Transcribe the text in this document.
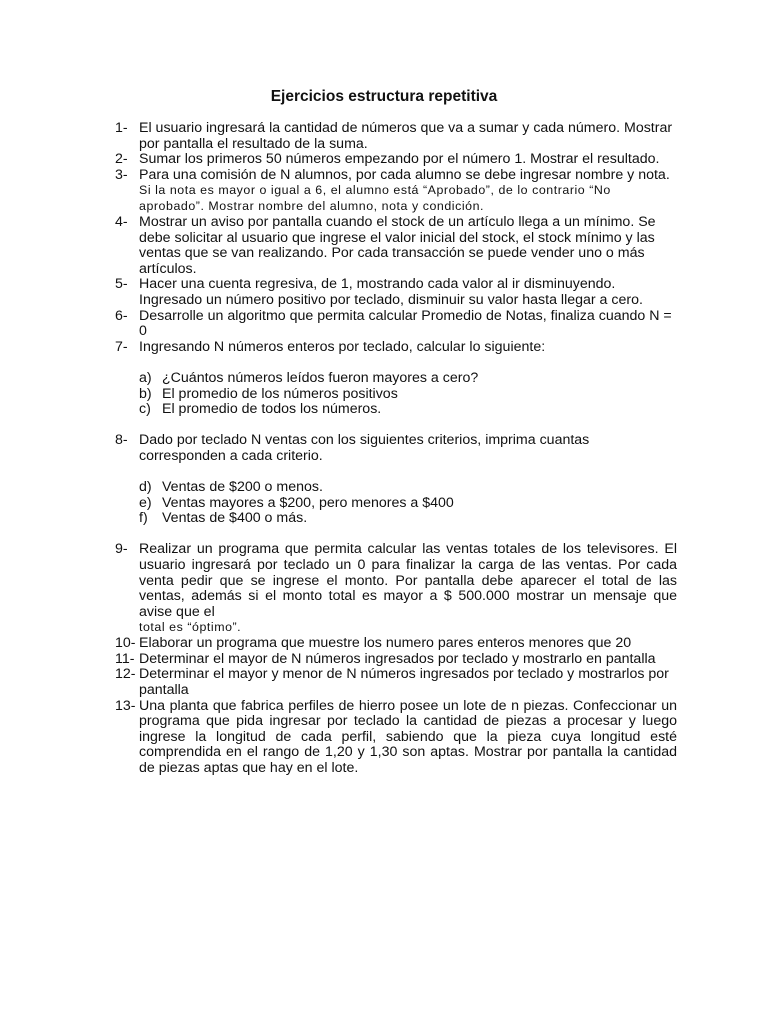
Ejercicios estructura repetitiva
1- El usuario ingresará la cantidad de números que va a sumar y cada número. Mostrar por pantalla el resultado de la suma.
2- Sumar los primeros 50 números empezando por el número 1. Mostrar el resultado.
3- Para una comisión de N alumnos, por cada alumno se debe ingresar nombre y nota.
Si la nota es mayor o igual a 6, el alumno está “Aprobado”, de lo contrario “No aprobado”. Mostrar nombre del alumno, nota y condición.
4- Mostrar un aviso por pantalla cuando el stock de un artículo llega a un mínimo. Se debe solicitar al usuario que ingrese el valor inicial del stock, el stock mínimo y las ventas que se van realizando. Por cada transacción se puede vender uno o más artículos.
5- Hacer una cuenta regresiva, de 1, mostrando cada valor al ir disminuyendo.
Ingresado un número positivo por teclado, disminuir su valor hasta llegar a cero.
6- Desarrolle un algoritmo que permita calcular Promedio de Notas, finaliza cuando N = 0
7- Ingresando N números enteros por teclado, calcular lo siguiente:
a) ¿Cuántos números leídos fueron mayores a cero?
b) El promedio de los números positivos
c) El promedio de todos los números.
8- Dado por teclado N ventas con los siguientes criterios, imprima cuantas corresponden a cada criterio.
d) Ventas de $200 o menos.
e) Ventas mayores a $200, pero menores a $400
f)	Ventas de $400 o más.
9- Realizar un programa que permita calcular las ventas totales de los televisores. El usuario ingresará por teclado un 0 para finalizar la carga de las ventas. Por cada venta pedir que se ingrese el monto. Por pantalla debe aparecer el total de las ventas, además si el monto total es mayor a $ 500.000 mostrar un mensaje que avise que el
total es “óptimo”.
10- Elaborar un programa que muestre los numero pares enteros menores que 20
11- Determinar el mayor de N números ingresados por teclado y mostrarlo en pantalla
12- Determinar el mayor y menor de N números ingresados por teclado y mostrarlos por pantalla
13- Una planta que fabrica perfiles de hierro posee un lote de n piezas. Confeccionar un programa que pida ingresar por teclado la cantidad de piezas a procesar y luego ingrese la longitud de cada perfil, sabiendo que la pieza cuya longitud esté comprendida en el rango de 1,20 y 1,30 son aptas. Mostrar por pantalla la cantidad de piezas aptas que hay en el lote.
